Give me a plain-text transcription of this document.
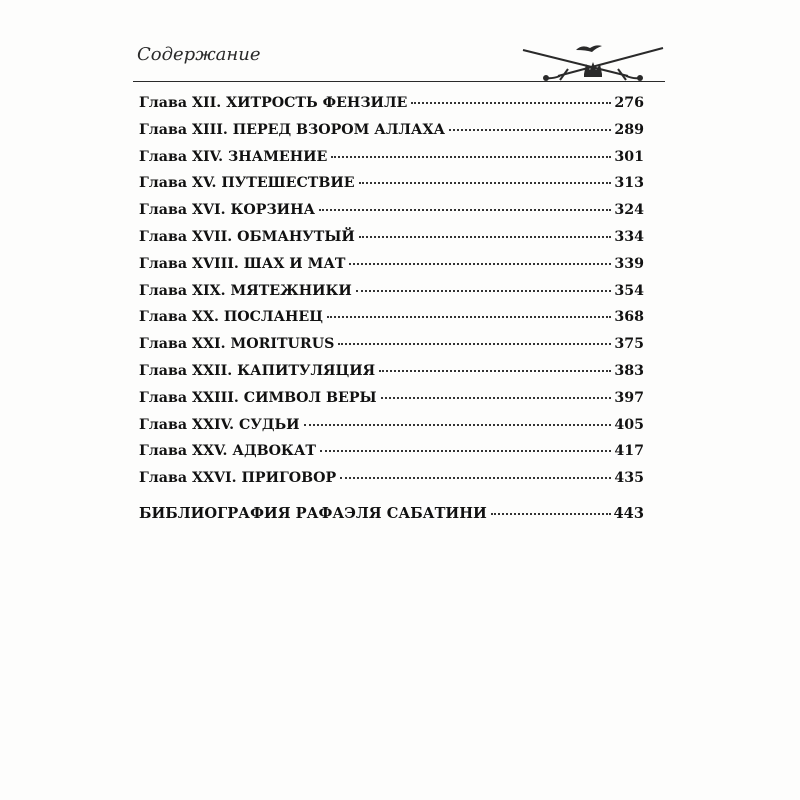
Содержание
Глава XII. ХИТРОСТЬ ФЕНЗИЛЕ	276
Глава XIII. ПЕРЕД ВЗОРОМ АЛЛАХА	289
Глава XIV. ЗНАМЕНИЕ	301
Глава XV. ПУТЕШЕСТВИЕ	313
Глава XVI. КОРЗИНА	324
Глава XVII. ОБМАНУТЫЙ	334
Глава XVIII. ШАХ И МАТ	339
Глава XIX. МЯТЕЖНИКИ	354
Глава XX. ПОСЛАНЕЦ	368
Глава XXI. MORITURUS	375
Глава XXII. КАПИТУЛЯЦИЯ	383
Глава XXIII. СИМВОЛ ВЕРЫ	397
Глава XXIV. СУДЬИ	405
Глава XXV. АДВОКАТ	417
Глава XXVI. ПРИГОВОР	435
БИБЛИОГРАФИЯ РАФАЭЛЯ САБАТИНИ	443
